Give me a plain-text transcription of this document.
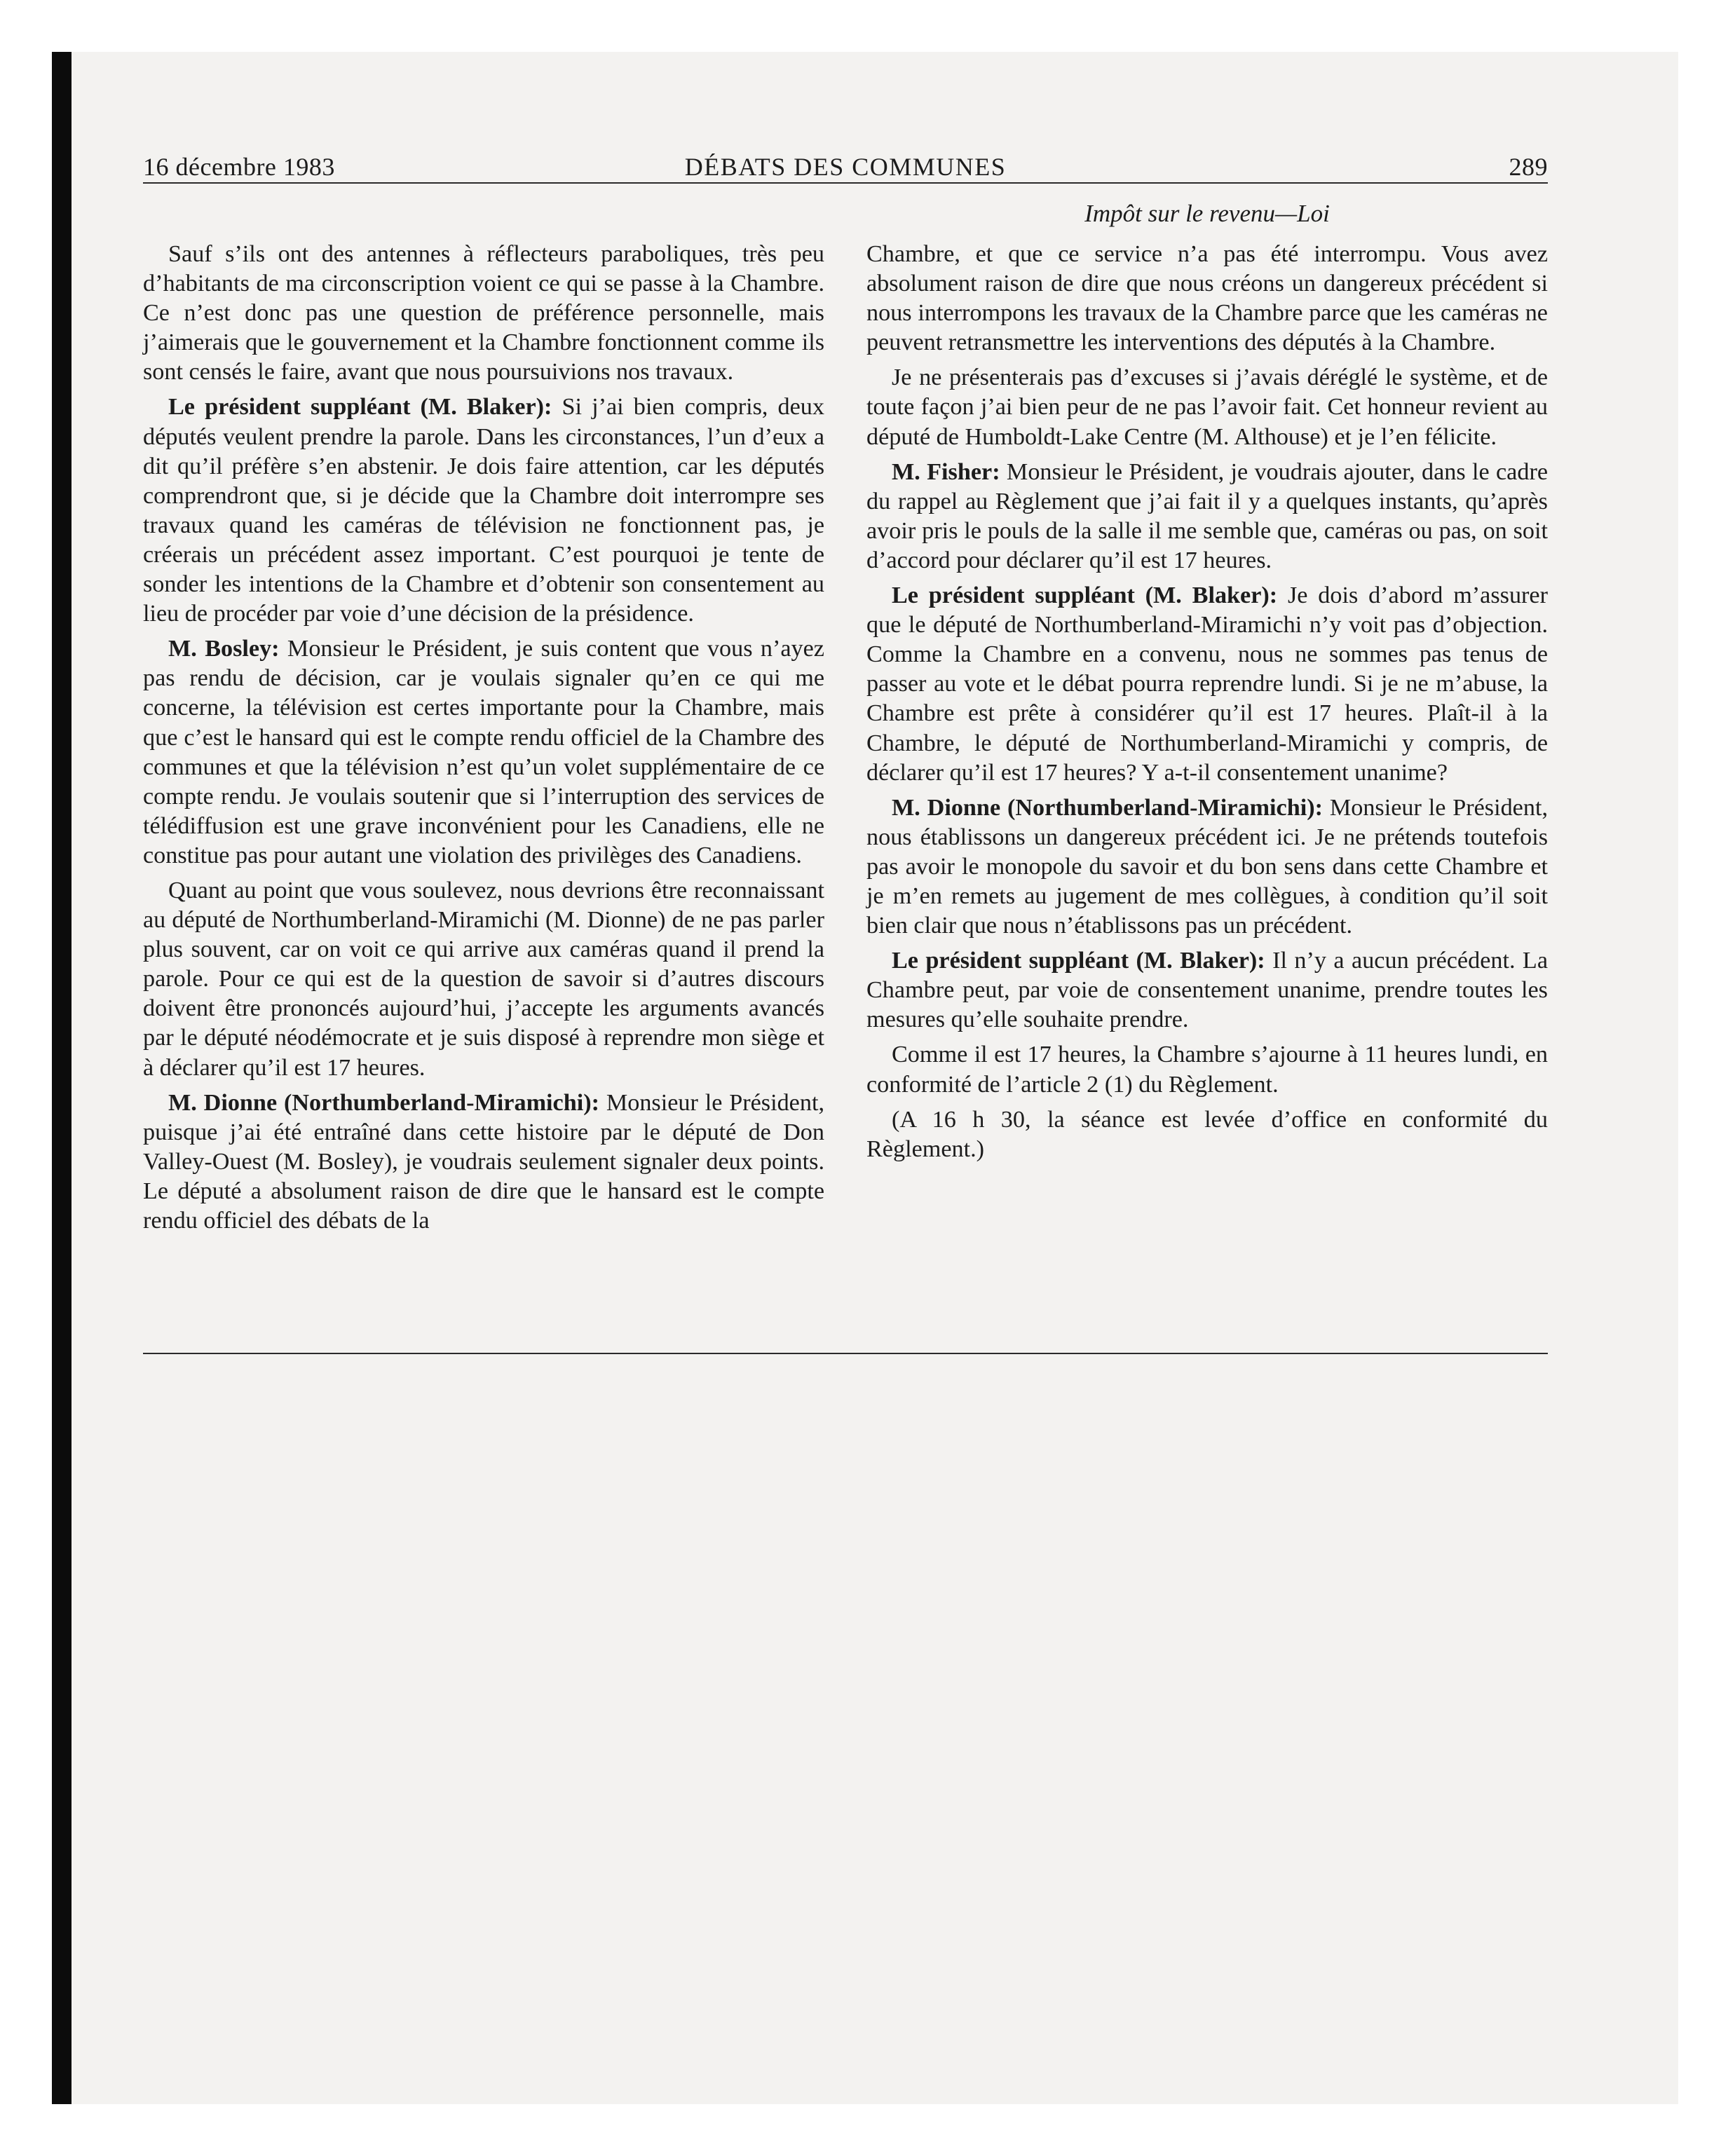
16 décembre 1983	DÉBATS DES COMMUNES	289
Impôt sur le revenu—Loi

Sauf s’ils ont des antennes à réflecteurs paraboliques, très peu d’habitants de ma circonscription voient ce qui se passe à la Chambre. Ce n’est donc pas une question de préférence personnelle, mais j’aimerais que le gouvernement et la Chambre fonctionnent comme ils sont censés le faire, avant que nous poursuivions nos travaux.

Le président suppléant (M. Blaker): Si j’ai bien compris, deux députés veulent prendre la parole. Dans les circonstances, l’un d’eux a dit qu’il préfère s’en abstenir. Je dois faire attention, car les députés comprendront que, si je décide que la Chambre doit interrompre ses travaux quand les caméras de télévision ne fonctionnent pas, je créerais un précédent assez important. C’est pourquoi je tente de sonder les intentions de la Chambre et d’obtenir son consentement au lieu de procéder par voie d’une décision de la présidence.

M. Bosley: Monsieur le Président, je suis content que vous n’ayez pas rendu de décision, car je voulais signaler qu’en ce qui me concerne, la télévision est certes importante pour la Chambre, mais que c’est le hansard qui est le compte rendu officiel de la Chambre des communes et que la télévision n’est qu’un volet supplémentaire de ce compte rendu. Je voulais soutenir que si l’interruption des services de télédiffusion est une grave inconvénient pour les Canadiens, elle ne constitue pas pour autant une violation des privilèges des Canadiens.

Quant au point que vous soulevez, nous devrions être reconnaissant au député de Northumberland-Miramichi (M. Dionne) de ne pas parler plus souvent, car on voit ce qui arrive aux caméras quand il prend la parole. Pour ce qui est de la question de savoir si d’autres discours doivent être prononcés aujourd’hui, j’accepte les arguments avancés par le député néodémocrate et je suis disposé à reprendre mon siège et à déclarer qu’il est 17 heures.

M. Dionne (Northumberland-Miramichi): Monsieur le Président, puisque j’ai été entraîné dans cette histoire par le député de Don Valley-Ouest (M. Bosley), je voudrais seulement signaler deux points. Le député a absolument raison de dire que le hansard est le compte rendu officiel des débats de la

Chambre, et que ce service n’a pas été interrompu. Vous avez absolument raison de dire que nous créons un dangereux précédent si nous interrompons les travaux de la Chambre parce que les caméras ne peuvent retransmettre les interventions des députés à la Chambre.

Je ne présenterais pas d’excuses si j’avais déréglé le système, et de toute façon j’ai bien peur de ne pas l’avoir fait. Cet honneur revient au député de Humboldt-Lake Centre (M. Althouse) et je l’en félicite.

M. Fisher: Monsieur le Président, je voudrais ajouter, dans le cadre du rappel au Règlement que j’ai fait il y a quelques instants, qu’après avoir pris le pouls de la salle il me semble que, caméras ou pas, on soit d’accord pour déclarer qu’il est 17 heures.

Le président suppléant (M. Blaker): Je dois d’abord m’assurer que le député de Northumberland-Miramichi n’y voit pas d’objection. Comme la Chambre en a convenu, nous ne sommes pas tenus de passer au vote et le débat pourra reprendre lundi. Si je ne m’abuse, la Chambre est prête à considérer qu’il est 17 heures. Plaît-il à la Chambre, le député de Northumberland-Miramichi y compris, de déclarer qu’il est 17 heures? Y a-t-il consentement unanime?

M. Dionne (Northumberland-Miramichi): Monsieur le Président, nous établissons un dangereux précédent ici. Je ne prétends toutefois pas avoir le monopole du savoir et du bon sens dans cette Chambre et je m’en remets au jugement de mes collègues, à condition qu’il soit bien clair que nous n’établissons pas un précédent.

Le président suppléant (M. Blaker): Il n’y a aucun précédent. La Chambre peut, par voie de consentement unanime, prendre toutes les mesures qu’elle souhaite prendre.

Comme il est 17 heures, la Chambre s’ajourne à 11 heures lundi, en conformité de l’article 2 (1) du Règlement.

(A 16 h 30, la séance est levée d’office en conformité du Règlement.)
